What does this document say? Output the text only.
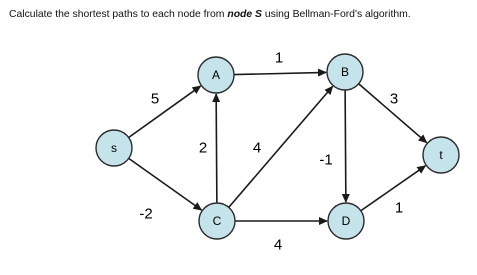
Calculate the shortest paths to each node from node S using Bellman-Ford's algorithm.
s
A	B
C	D
t
5
-2
1
2	4
4
-1
3
1
